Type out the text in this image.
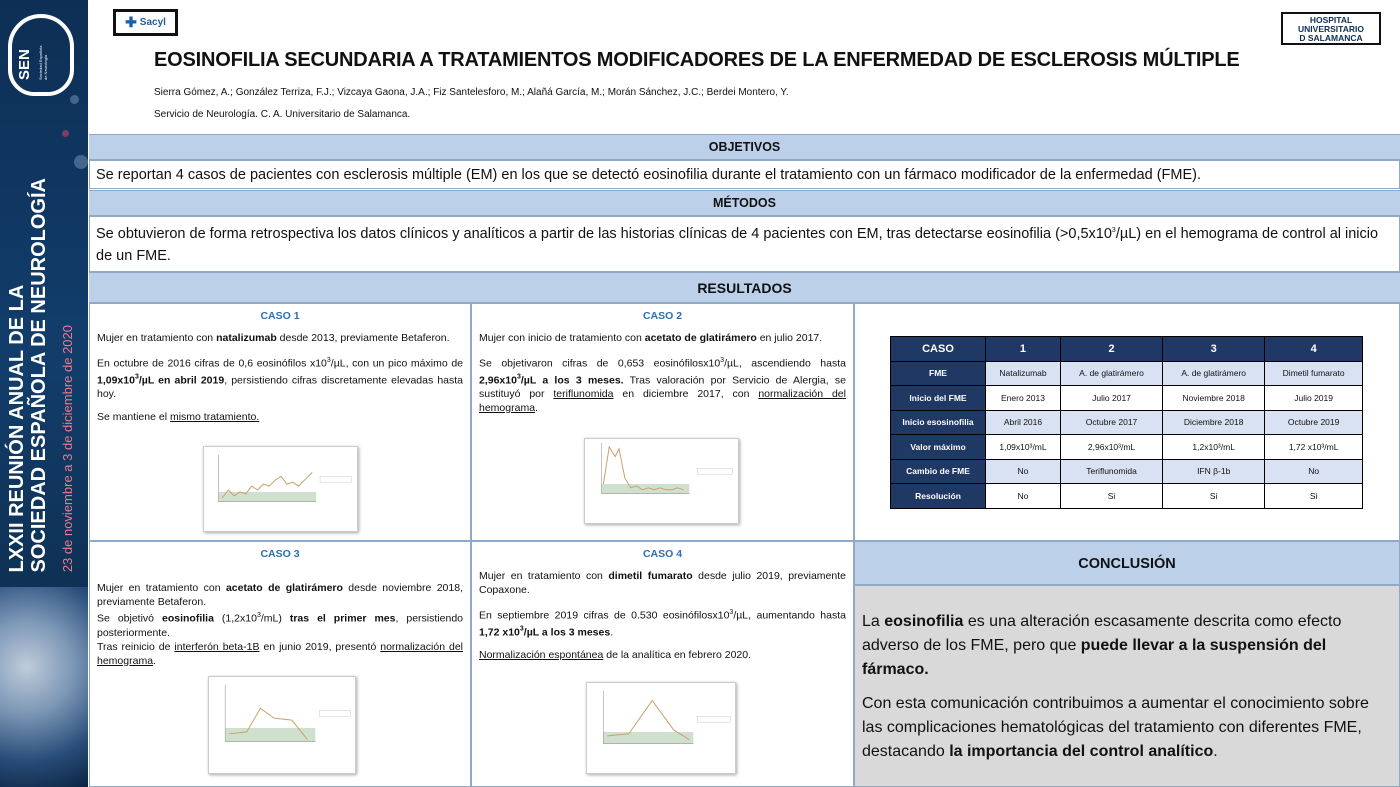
SEN Sociedad Española de Neurología
LXXII REUNIÓN ANUAL DE LA SOCIEDAD ESPAÑOLA DE NEUROLOGÍA 23 de noviembre a 3 de diciembre de 2020
✚ Sacyl	HOSPITAL
UNIVERSITARIO
D SALAMANCA
EOSINOFILIA SECUNDARIA A TRATAMIENTOS MODIFICADORES DE LA ENFERMEDAD DE ESCLEROSIS MÚLTIPLE
Sierra Gómez, A.; González Terriza, F.J.; Vizcaya Gaona, J.A.; Fiz Santelesforo, M.; Alañá García, M.; Morán Sánchez, J.C.; Berdei Montero, Y.
Servicio de Neurología. C. A. Universitario de Salamanca.
OBJETIVOS
Se reportan 4 casos de pacientes con esclerosis múltiple (EM) en los que se detectó eosinofilia durante el tratamiento con un fármaco modificador de la enfermedad (FME).
MÉTODOS
Se obtuvieron de forma retrospectiva los datos clínicos y analíticos a partir de las historias clínicas de 4 pacientes con EM, tras detectarse eosinofilia $(>0,5x10^3/\mu L)$ en el hemograma de control al inicio de un FME.
RESULTADOS
CASO 1

Mujer en tratamiento con natalizumab desde 2013, previamente Betaferon.

En octubre de 2016 cifras de 0,6 eosinófilos $x10^3/\mu L$, con un pico máximo de $1,09x10^3/\mu L$ en abril 2019, persistiendo cifras discretamente elevadas hasta hoy.

Se mantiene el mismo tratamiento.

CASO 2

Mujer con inicio de tratamiento con acetato de glatirámero en julio 2017.

Se objetivaron cifras de 0,653 $eosinófilosx10^3/\mu L$, ascendiendo hasta $2,96x10^3/\mu L$ a los 3 meses. Tras valoración por Servicio de Alergia, se sustituyó por teriflunomida en diciembre 2017, con normalización del hemograma.

CASO	1	2	3	4
FME	Natalizumab	A. de glatirámero	A. de glatirámero	Dimetil fumarato
Inicio del FME	Enero 2013	Julio 2017	Noviembre 2018	Julio 2019
Inicio esosinofilia	Abril 2016	Octubre 2017	Diciembre 2018	Octubre 2019
Valor máximo	1,09x10³/mL	2,96x10³/mL	1,2x10³/mL	1,72 x10³/mL
Cambio de FME	No	Teriflunomida	IFN β-1b	No
Resolución	No	Si	Si	Si
CASO 3
Mujer en tratamiento con acetato de glatirámero desde noviembre 2018, previamente Betaferon.
Se objetivó eosinofilia $(1,2x10^3/mL)$ tras el primer mes, persistiendo posteriormente.
Tras reinicio de interferón beta-1B en junio 2019, presentó normalización del hemograma.
CASO 4

Mujer en tratamiento con dimetil fumarato desde julio 2019, previamente Copaxone.

En septiembre 2019 cifras de 0.530 $eosinófilosx10^3/\mu L$, aumentando hasta 1,72 $x10^3/\mu L$ a los 3 meses.

Normalización espontánea de la analítica en febrero 2020.

CONCLUSIÓN

La eosinofilia es una alteración escasamente descrita como efecto adverso de los FME, pero que puede llevar a la suspensión del fármaco.

Con esta comunicación contribuimos a aumentar el conocimiento sobre las complicaciones hematológicas del tratamiento con diferentes FME, destacando la importancia del control analítico.
